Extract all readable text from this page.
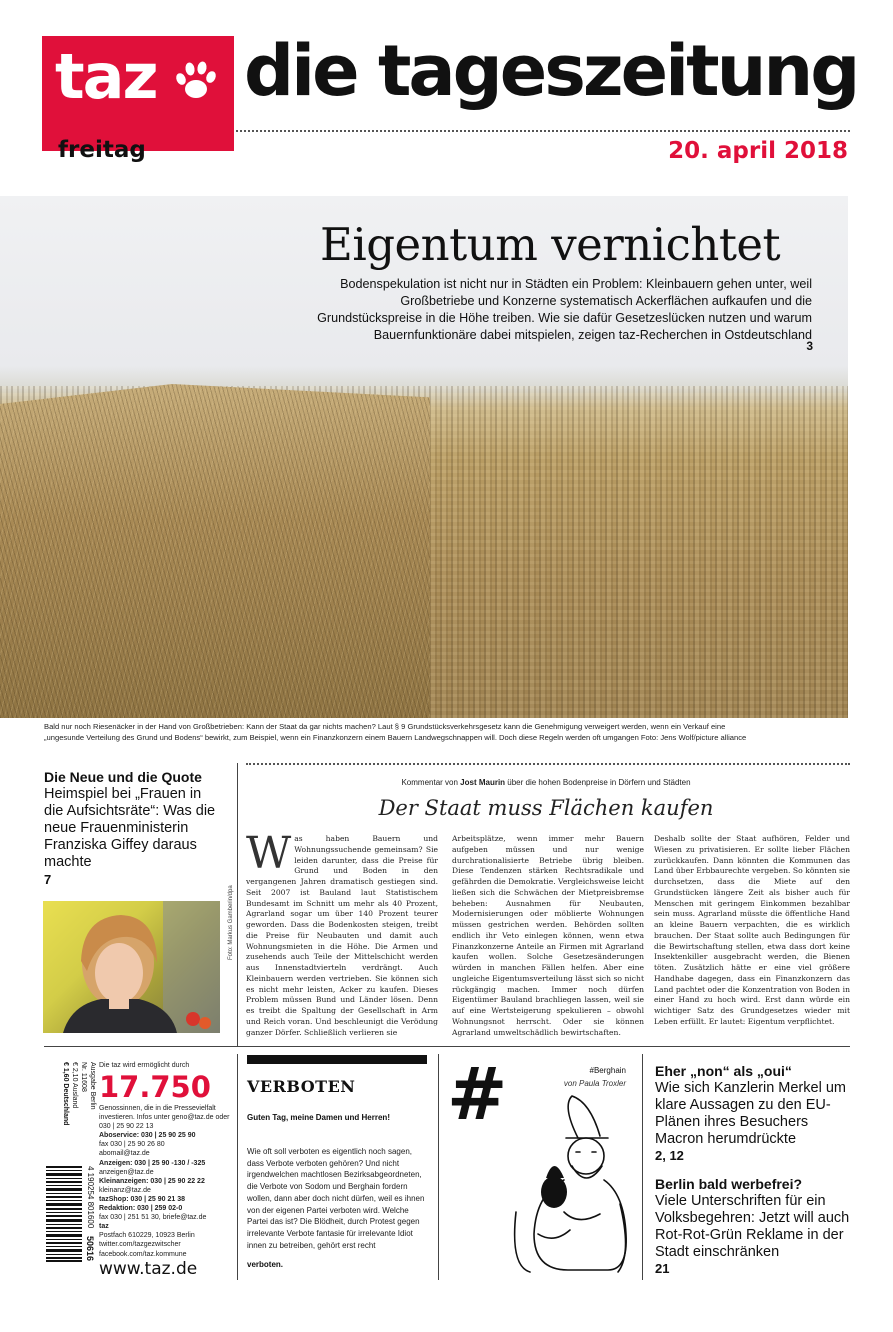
taz die tageszeitung
freitag	20. april 2018
Eigentum vernichtet
Bodenspekulation ist nicht nur in Städten ein Problem: Kleinbauern gehen unter, weil Großbetriebe und Konzerne systematisch Ackerflächen aufkaufen und die Grundstückspreise in die Höhe treiben. Wie sie dafür Gesetzeslücken nutzen und warum Bauernfunktionäre dabei mitspielen, zeigen taz-Recherchen in Ostdeutschland
3
Bald nur noch Riesenäcker in der Hand von Großbetrieben: Kann der Staat da gar nichts machen? Laut § 9 Grundstücksverkehrsgesetz kann die Genehmigung verweigert werden, wenn ein Verkauf eine
„ungesunde Verteilung des Grund und Bodens“ bewirkt, zum Beispiel, wenn ein Finanzkonzern einem Bauern Landwegschnappen will. Doch diese Regeln werden oft umgangen Foto: Jens Wolf/picture alliance
Die Neue und die Quote
Heimspiel bei „Frauen in die Aufsichtsräte“: Was die neue Frauenministerin Franziska Giffey daraus machte
7
Foto: Markus Gamberin/dpa
Kommentar von Jost Maurin über die hohen Bodenpreise in Dörfern und Städten
Der Staat muss Flächen kaufen
Was haben Bauern und Wohnungssuchende gemeinsam? Sie leiden darunter, dass die Preise für Grund und Boden in den vergangenen Jahren dramatisch gestiegen sind. Seit 2007 ist Bauland laut Statistischem Bundesamt im Schnitt um mehr als 40 Prozent, Agrarland sogar um über 140 Prozent teurer geworden. Dass die Bodenkosten steigen, treibt die Preise für Neubauten und damit auch Wohnungsmieten in die Höhe. Die Armen und zusehends auch Teile der Mittelschicht werden aus Innenstadtvierteln verdrängt. Auch Kleinbauern werden vertrieben. Sie können sich es nicht mehr leisten, Acker zu kaufen. Dieses Problem müssen Bund und Länder lösen. Denn es treibt die Spaltung der Gesellschaft in Arm und Reich voran. Und beschleunigt die Verödung ganzer Dörfer. Schließlich verlieren sie
Arbeitsplätze, wenn immer mehr Bauern aufgeben müssen und nur wenige durchrationalisierte Betriebe übrig bleiben. Diese Tendenzen stärken Rechtsradikale und gefährden die Demokratie. Vergleichsweise leicht ließen sich die Schwächen der Mietpreisbremse beheben: Ausnahmen für Neubauten, Modernisierungen oder möblierte Wohnungen müssen gestrichen werden. Behörden sollten endlich ihr Veto einlegen können, wenn etwa Finanzkonzerne Anteile an Firmen mit Agrarland kaufen wollen. Solche Gesetzesänderungen würden in manchen Fällen helfen. Aber eine ungleiche Eigentumsverteilung lässt sich so nicht rückgängig machen. Immer noch dürfen Eigentümer Bauland brachliegen lassen, weil sie auf eine Wertsteigerung spekulieren – obwohl Wohnungsnot herrscht. Oder sie können Agrarland umweltschädlich bewirtschaften.
Deshalb sollte der Staat aufhören, Felder und Wiesen zu privatisieren. Er sollte lieber Flächen zurückkaufen. Dann könnten die Kommunen das Land über Erbbaurechte vergeben. So könnten sie durchsetzen, dass die Miete auf den Grundstücken längere Zeit als bisher auch für Menschen mit geringem Einkommen bezahlbar sein muss. Agrarland müsste die öffentliche Hand an kleine Bauern verpachten, die es wirklich brauchen. Der Staat sollte auch Bedingungen für die Bewirtschaftung stellen, etwa dass dort keine Insektenkiller ausgebracht werden, die Bienen töten. Zusätzlich hätte er eine viel größere Handhabe dagegen, dass ein Finanzkonzern das Land pachtet oder die Konzentration von Boden in einer Hand zu hoch wird. Erst dann würde ein wichtiger Satz des Grundgesetzes wieder mit Leben erfüllt. Er lautet: Eigentum verpflichtet.
Ausgabe Berlin
Nr. 11608
€ 2,10 Ausland
€ 1,60 Deutschland
4 190254 801600
50616
Die taz wird ermöglicht durch
17.750
Genossinnen, die in die Pressevielfalt investieren. Infos unter geno@taz.de oder 030 | 25 90 22 13
Aboservice: 030 | 25 90 25 90
fax 030 | 25 90 26 80
abomail@taz.de
Anzeigen: 030 | 25 90 -130 / -325
anzeigen@taz.de
Kleinanzeigen: 030 | 25 90 22 22
kleinanz@taz.de
tazShop: 030 | 25 90 21 38
Redaktion: 030 | 259 02-0
fax 030 | 251 51 30, briefe@taz.de
taz
Postfach 610229, 10923 Berlin
twitter.com/tazgezwitscher
facebook.com/taz.kommune
www.taz.de
VERBOTEN
Guten Tag, meine Damen und Herren!
Wie oft soll verboten es eigentlich noch sagen, dass Verbote verboten gehören? Und nicht irgendwelchen machtlosen Bezirksabgeordneten, die Verbote von Sodom und Berghain fordern wollen, dann aber doch nicht dürfen, weil es ihnen von der eigenen Partei verboten wird. Welche Partei das ist? Die Blödheit, durch Protest gegen irrelevante Verbote fantasie für irrelevante Idiot innen zu betreiben, gehört erst recht
verboten.
#	#Berghain
von Paula Troxler
Eher „non“ als „oui“
Wie sich Kanzlerin Merkel um klare Aussagen zu den EU-Plänen ihres Besuchers Macron herumdrückte
2, 12
Berlin bald werbefrei?
Viele Unterschriften für ein Volksbegehren: Jetzt will auch Rot-Rot-Grün Reklame in der Stadt einschränken
21
